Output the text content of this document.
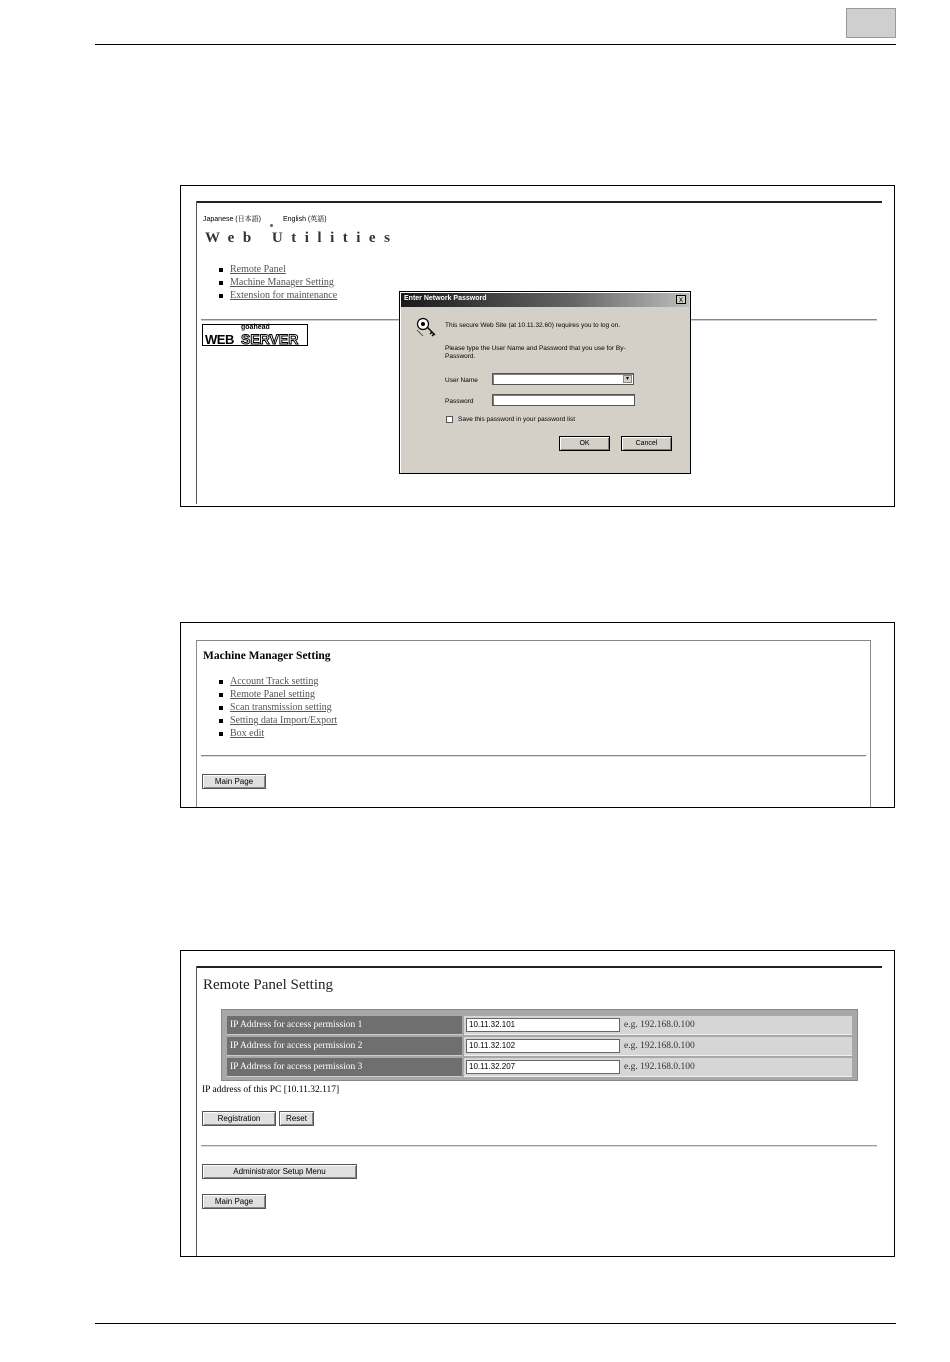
Japanese (日本語)	English (英語)
Web Utilities
Remote Panel
Machine Manager Setting
Extension for maintenance
goahead
WEB SERVER
Enter Network Password	x
This secure Web Site (at 10.11.32.60) requires you to log on.
Please type the User Name and Password that you use for By-
Password.
User Name	▾
Password
Save this password in your password list
OK	Cancel
Machine Manager Setting
Account Track setting
Remote Panel setting
Scan transmission setting
Setting data Import/Export
Box edit
Main Page
Remote Panel Setting
IP Address for access permission 1	10.11.32.101	e.g. 192.168.0.100
IP Address for access permission 2	10.11.32.102	e.g. 192.168.0.100
IP Address for access permission 3	10.11.32.207	e.g. 192.168.0.100
IP address of this PC [10.11.32.117]
Registration	Reset
Administrator Setup Menu
Main Page
